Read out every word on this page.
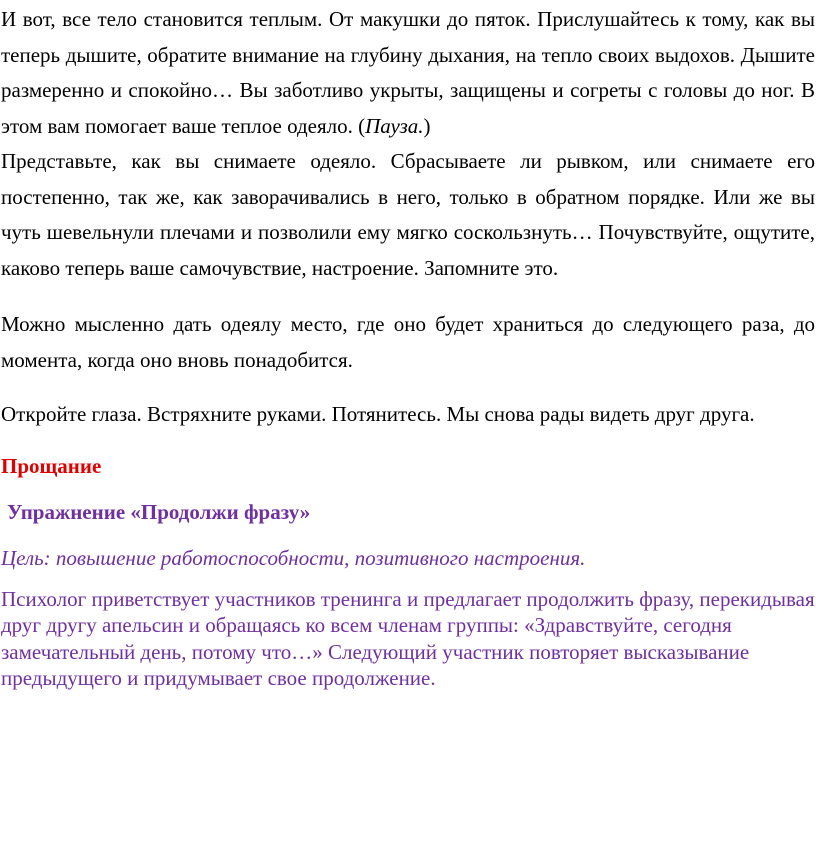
И вот, все тело становится теплым. От макушки до пяток. Прислушайтесь к тому, как вы теперь дышите, обратите внимание на глубину дыхания, на тепло своих выдохов. Дышите размеренно и спокойно… Вы заботливо укрыты, защищены и согреты с головы до ног. В этом вам помогает ваше теплое одеяло. (Пауза.)

Представьте, как вы снимаете одеяло. Сбрасываете ли рывком, или снимаете его постепенно, так же, как заворачивались в него, только в обратном порядке. Или же вы чуть шевельнули плечами и позволили ему мягко соскользнуть… Почувствуйте, ощутите, каково теперь ваше самочувствие, настроение. Запомните это.

Можно мысленно дать одеялу место, где оно будет храниться до следующего раза, до момента, когда оно вновь понадобится.

Откройте глаза. Встряхните руками. Потянитесь. Мы снова рады видеть друг друга.

Прощание

Упражнение «Продолжи фразу»

Цель: повышение работоспособности, позитивного настроения.

Психолог приветствует участников тренинга и предлагает продолжить фразу, перекидывая друг другу апельсин и обращаясь ко всем членам группы: «Здравствуйте, сегодня замечательный день, потому что…» Следующий участник повторяет высказывание предыдущего и придумывает свое продолжение.
